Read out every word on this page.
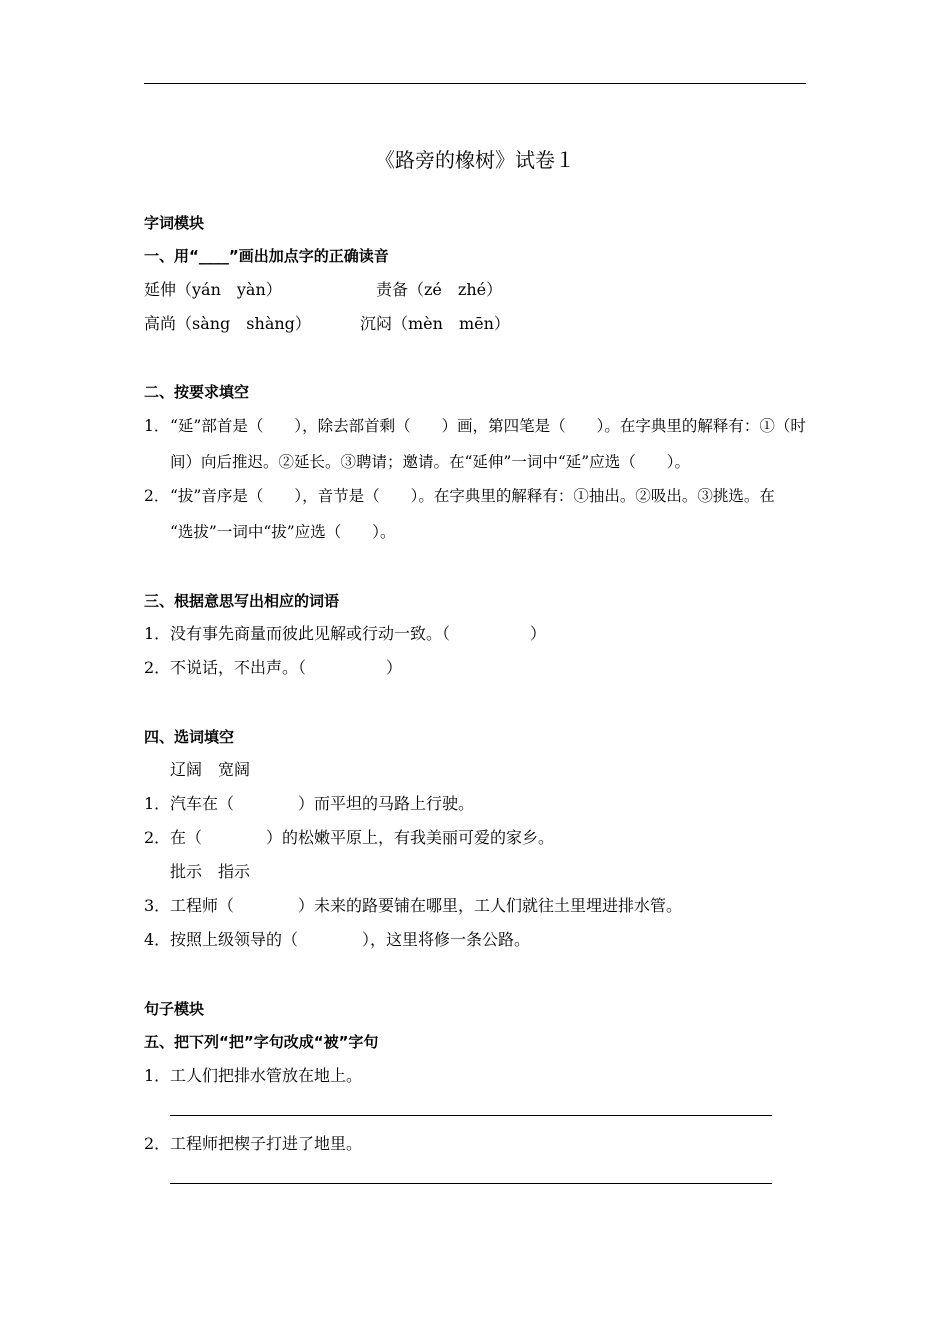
《路旁的橡树》试卷１
字词模块
一、用“____”画出加点字的正确读音
延伸（yán　yàn）	责备（zé　zhé）
高尚（sàng　shàng）	沉闷（mèn　mēn）
二、按要求填空
1．“延”部首是（　　），除去部首剩（　　）画，第四笔是（　　）。在字典里的解释有：①（时
间）向后推迟。②延长。③聘请；邀请。在“延伸”一词中“延”应选（　　）。
2．“拔”音序是（　　），音节是（　　）。在字典里的解释有：①抽出。②吸出。③挑选。在
“选拔”一词中“拔”应选（　　）。
三、根据意思写出相应的词语
1．没有事先商量而彼此见解或行动一致。（　　　　　）
2．不说话，不出声。（　　　　　）
四、选词填空
辽阔　宽阔
1．汽车在（　　　　）而平坦的马路上行驶。
2．在（　　　　）的松嫩平原上，有我美丽可爱的家乡。
批示　指示
3．工程师（　　　　）未来的路要铺在哪里，工人们就往土里埋进排水管。
4．按照上级领导的（　　　　），这里将修一条公路。
句子模块
五、把下列“把”字句改成“被”字句
1．工人们把排水管放在地上。
2．工程师把楔子打进了地里。
